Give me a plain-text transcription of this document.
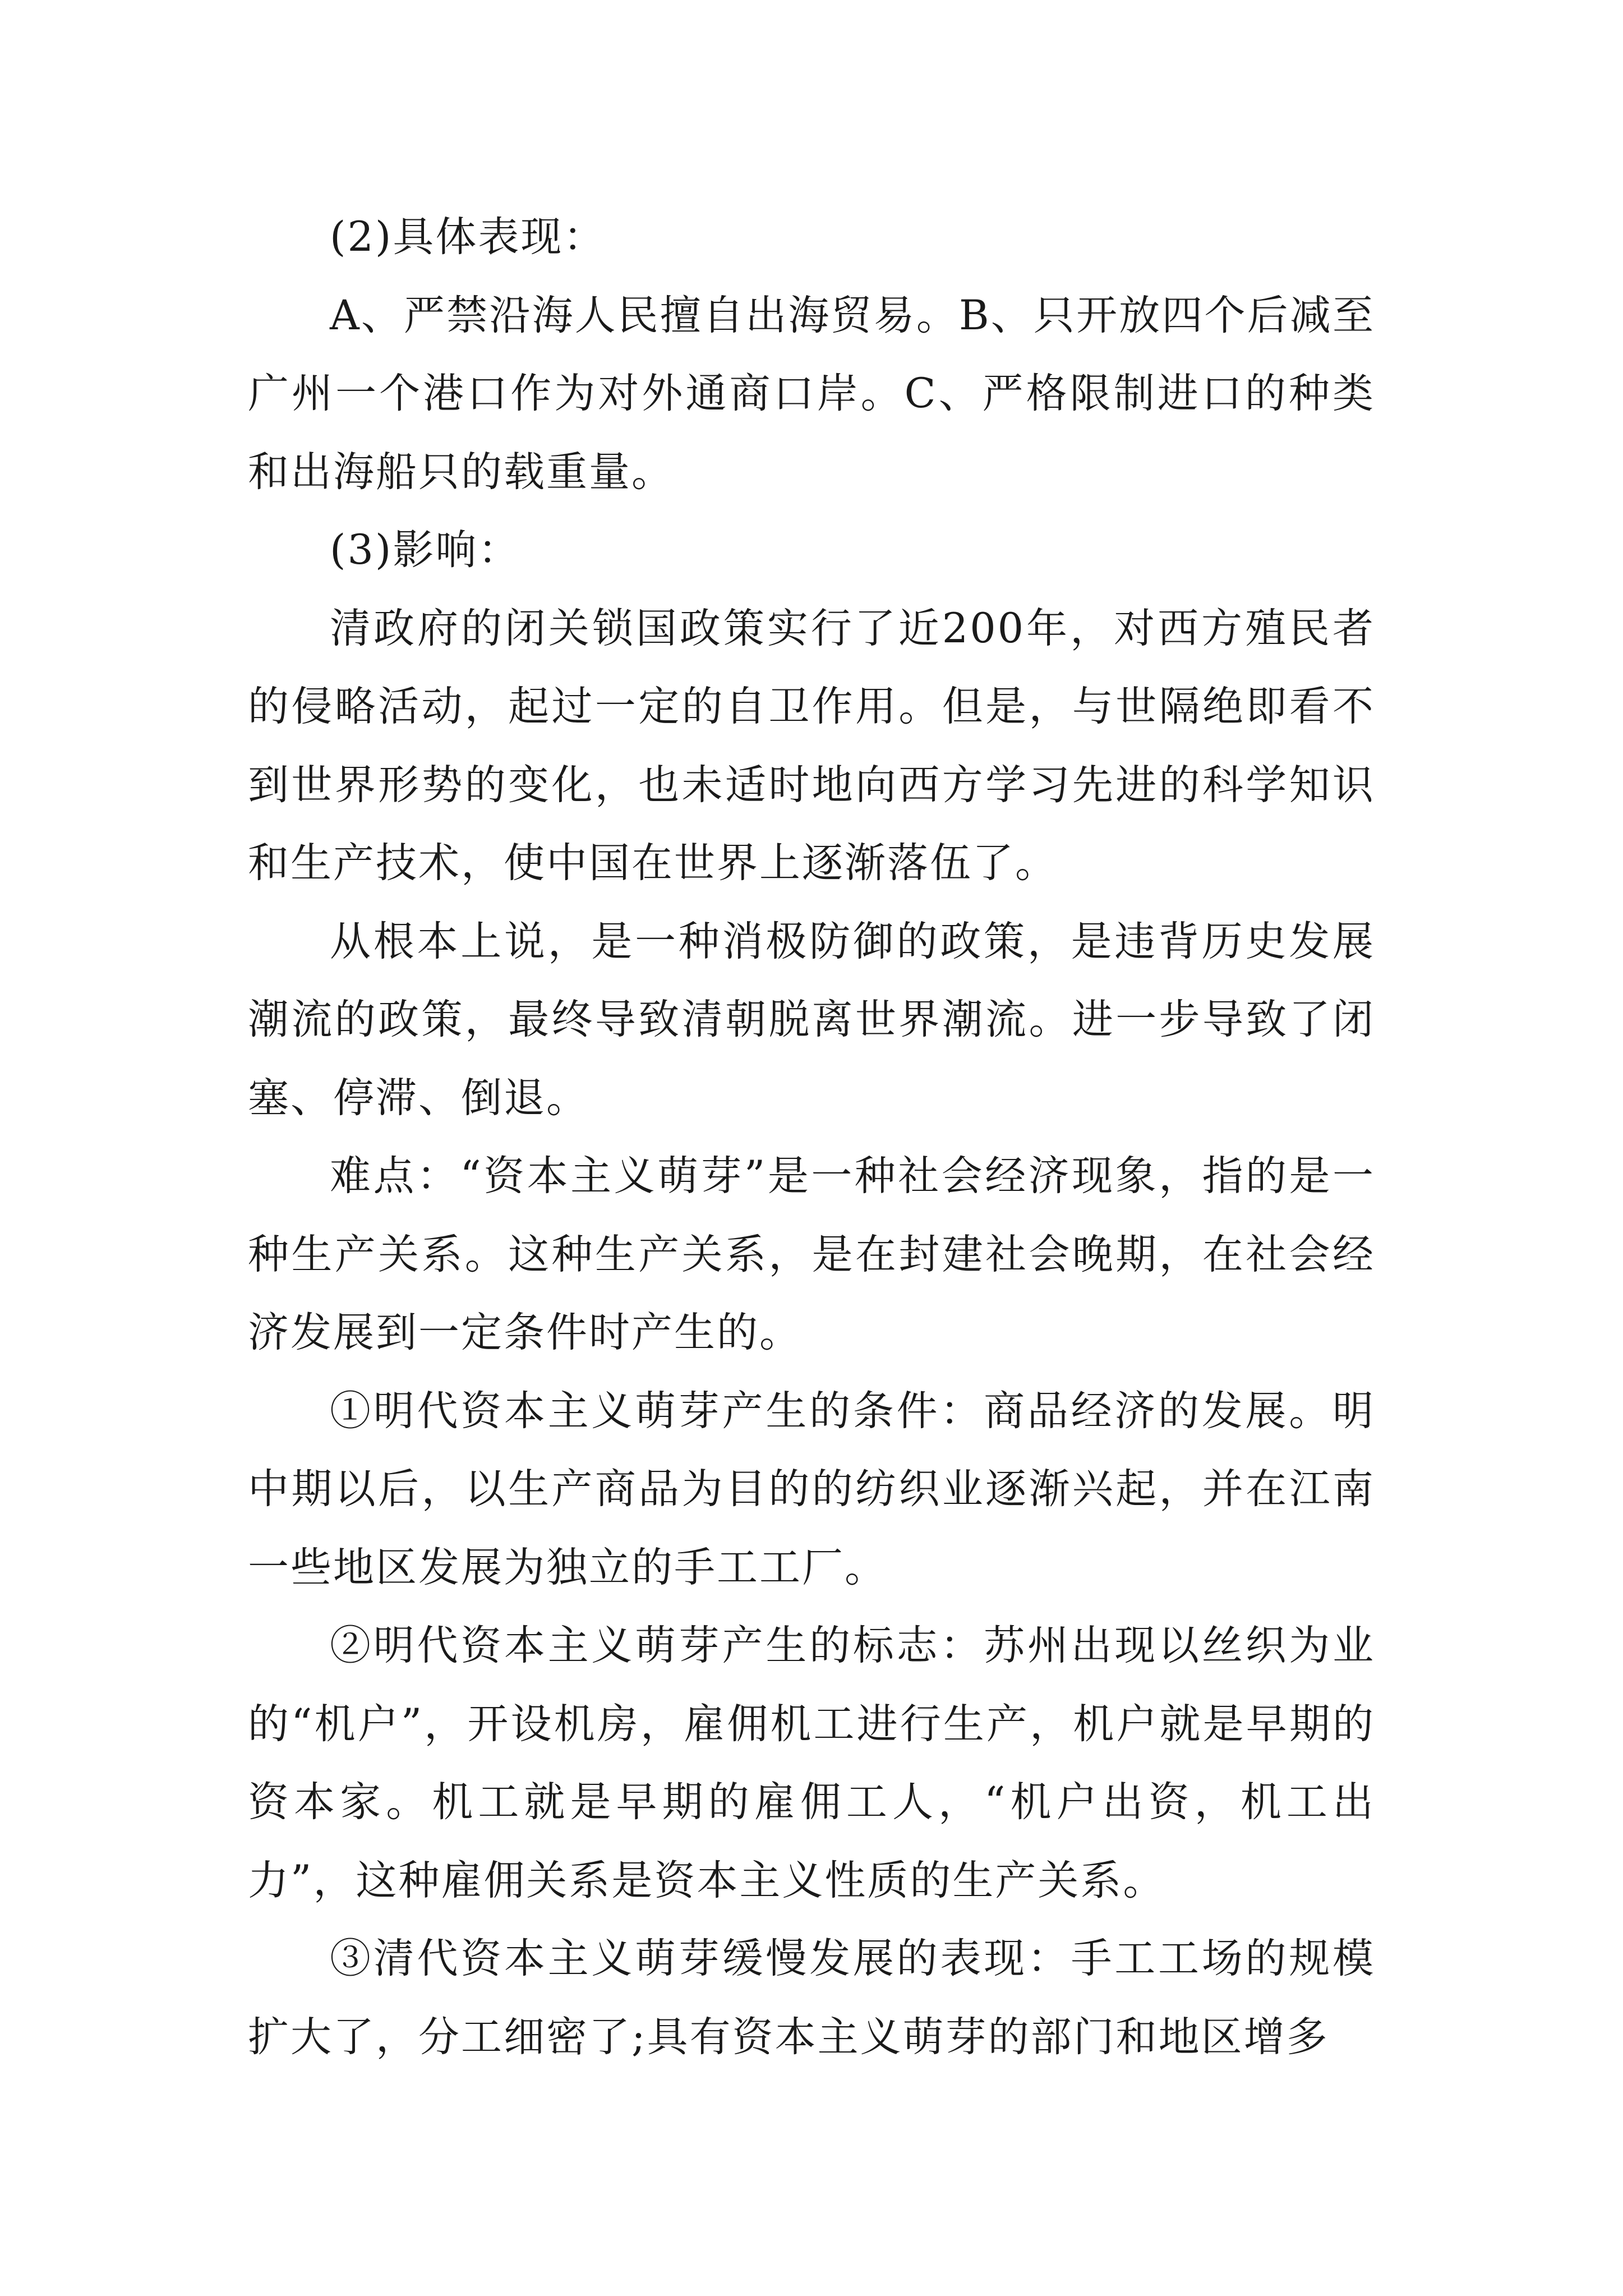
(2)具体表现：

A、严禁沿海人民擅自出海贸易。B、只开放四个后减至广州一个港口作为对外通商口岸。C、严格限制进口的种类和出海船只的载重量。

(3)影响：

清政府的闭关锁国政策实行了近200年，对西方殖民者的侵略活动，起过一定的自卫作用。但是，与世隔绝即看不到世界形势的变化，也未适时地向西方学习先进的科学知识和生产技术，使中国在世界上逐渐落伍了。

从根本上说，是一种消极防御的政策，是违背历史发展潮流的政策，最终导致清朝脱离世界潮流。进一步导致了闭塞、停滞、倒退。

难点：“资本主义萌芽”是一种社会经济现象，指的是一种生产关系。这种生产关系，是在封建社会晚期，在社会经济发展到一定条件时产生的。

①明代资本主义萌芽产生的条件：商品经济的发展。明中期以后，以生产商品为目的的纺织业逐渐兴起，并在江南一些地区发展为独立的手工工厂。

②明代资本主义萌芽产生的标志：苏州出现以丝织为业的“机户”，开设机房，雇佣机工进行生产，机户就是早期的资本家。机工就是早期的雇佣工人，“机户出资，机工出力”，这种雇佣关系是资本主义性质的生产关系。

③清代资本主义萌芽缓慢发展的表现：手工工场的规模扩大了，分工细密了;具有资本主义萌芽的部门和地区增多
